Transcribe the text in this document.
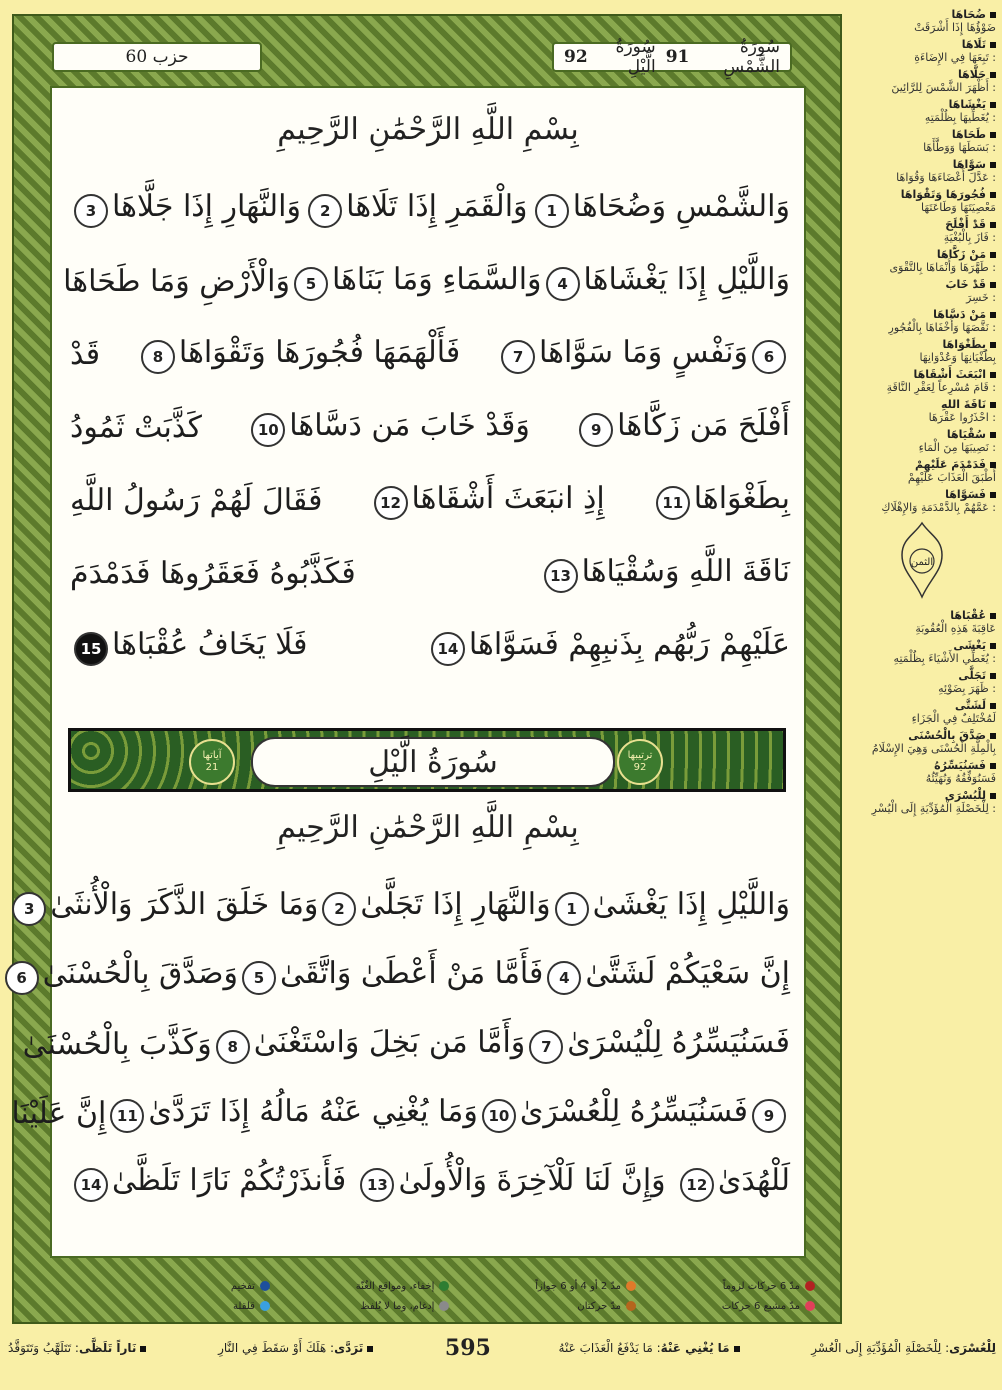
حزب 60	سُورَةُ الشَّمْسِ
91
سُورَةُ الَّيْلِ
92
بِسْمِ اللَّهِ الرَّحْمَٰنِ الرَّحِيمِ
وَالشَّمْسِ وَضُحَاهَا1
وَالْقَمَرِ إِذَا تَلَاهَا2
وَالنَّهَارِ إِذَا جَلَّاهَا3
وَاللَّيْلِ إِذَا يَغْشَاهَا4
وَالسَّمَاءِ وَمَا بَنَاهَا5
وَالْأَرْضِ وَمَا طَحَاهَا
6وَنَفْسٍ وَمَا سَوَّاهَا7
فَأَلْهَمَهَا فُجُورَهَا وَتَقْوَاهَا8
قَدْ
أَفْلَحَ مَن زَكَّاهَا9
وَقَدْ خَابَ مَن دَسَّاهَا10
كَذَّبَتْ ثَمُودُ
بِطَغْوَاهَا11
إِذِ انبَعَثَ أَشْقَاهَا12
فَقَالَ لَهُمْ رَسُولُ اللَّهِ
نَاقَةَ اللَّهِ وَسُقْيَاهَا13
فَكَذَّبُوهُ فَعَقَرُوهَا فَدَمْدَمَ
عَلَيْهِمْ رَبُّهُم بِذَنبِهِمْ فَسَوَّاهَا14
فَلَا يَخَافُ عُقْبَاهَا15
ترتيبها
92
سُورَةُ الَّيْلِ
آياتها
21
بِسْمِ اللَّهِ الرَّحْمَٰنِ الرَّحِيمِ
وَاللَّيْلِ إِذَا يَغْشَىٰ1
وَالنَّهَارِ إِذَا تَجَلَّىٰ2
وَمَا خَلَقَ الذَّكَرَ وَالْأُنثَىٰ3
إِنَّ سَعْيَكُمْ لَشَتَّىٰ4
فَأَمَّا مَنْ أَعْطَىٰ وَاتَّقَىٰ5
وَصَدَّقَ بِالْحُسْنَىٰ6
فَسَنُيَسِّرُهُ لِلْيُسْرَىٰ7
وَأَمَّا مَن بَخِلَ وَاسْتَغْنَىٰ8
وَكَذَّبَ بِالْحُسْنَىٰ
9فَسَنُيَسِّرُهُ لِلْعُسْرَىٰ10
وَمَا يُغْنِي عَنْهُ مَالُهُ إِذَا تَرَدَّىٰ11
إِنَّ عَلَيْنَا
لَلْهُدَىٰ12
وَإِنَّ لَنَا لَلْآخِرَةَ وَالْأُولَىٰ13
فَأَنذَرْتُكُمْ نَارًا تَلَظَّىٰ14
مدّ 6 حركات لزوماً
مدّ 2 أو 4 أو 6 جوازاً
إخفاء، ومواقع الغُنّة
تفخيم
مدّ مشبع 6 حركات
مدّ حركتان
إدغام، وما لا يُلفظ
قلقلة
ضُحَاهَا
ضَوْؤُهَا إِذَا أَشْرَقَتْ
تَلَاهَا
: تَبِعَهَا فِي الإِضَاءَةِ
جَلَّاهَا
: أَظْهَرَ الشَّمْسَ لِلرَّائِينَ
يَغْشَاهَا
: يُغَطِّيهَا بِظُلْمَتِهِ
طَحَاهَا
: بَسَطَهَا وَوَطَّأَهَا
سَوَّاهَا
: عَدَّلَ أَعْضَاءَهَا وَقُوَاهَا
فُجُورَهَا وَتَقْوَاهَا
مَعْصِيَتَهَا وَطَاعَتَهَا
قَدْ أَفْلَحَ
: فَازَ بِالْبُغْيَةِ
مَنْ زَكَّاهَا
: طَهَّرَهَا وَأَنْمَاهَا بِالتَّقْوَى
قَدْ خَابَ
: خَسِرَ
مَنْ دَسَّاهَا
: نَقَّصَهَا وَأَخْفَاهَا بِالْفُجُورِ
بِطَغْوَاهَا
بِطُغْيَانِهَا وَعُدْوَانِهَا
انْبَعَثَ أَشْقَاهَا
: قَامَ مُسْرِعاً لِعَقْرِ النَّاقَةِ
نَاقَةَ اللهِ
: احْذَرُوا عَقْرَهَا
سُقْيَاهَا
: نَصِيبَهَا مِنَ الْمَاءِ
فَدَمْدَمَ عَلَيْهِمْ
أَطْبَقَ الْعَذَابَ عَلَيْهِمْ
فَسَوَّاهَا
: عَمَّهُمْ بِالدَّمْدَمَةِ وَالإِهْلَاكِ
الثمن
عُقْبَاهَا
عَاقِبَةَ هَذِهِ الْعُقُوبَةِ
يَغْشَى
: يُغَطِّي الأَشْيَاءَ بِظُلْمَتِهِ
تَجَلَّى
: ظَهَرَ بِضَوْئِهِ
لَشَتَّى
لَمُخْتَلِفٌ فِي الْجَزَاءِ
صَدَّقَ بِالْحُسْنَى
بِالْمِلَّةِ الْحُسْنَى وَهِيَ الإِسْلَامُ
فَسَنُيَسِّرُهُ
فَسَنُوَفِّقُهُ وَنُهَيِّئُهُ
لِلْيُسْرَى
: لِلْخَصْلَةِ الْمُؤَدِّيَةِ إِلَى الْيُسْرِ
لِلْعُسْرَى: لِلْخَصْلَةِ الْمُؤَدِّيَةِ إِلَى الْعُسْرِ
مَا يُغْنِي عَنْهُ: مَا يَدْفَعُ الْعَذَابَ عَنْهُ
595
تَرَدَّى: هَلَكَ أَوْ سَقَطَ فِي النَّارِ
نَاراً تَلَظَّى: تَتَلَهَّبُ وَتَتَوَقَّدُ
